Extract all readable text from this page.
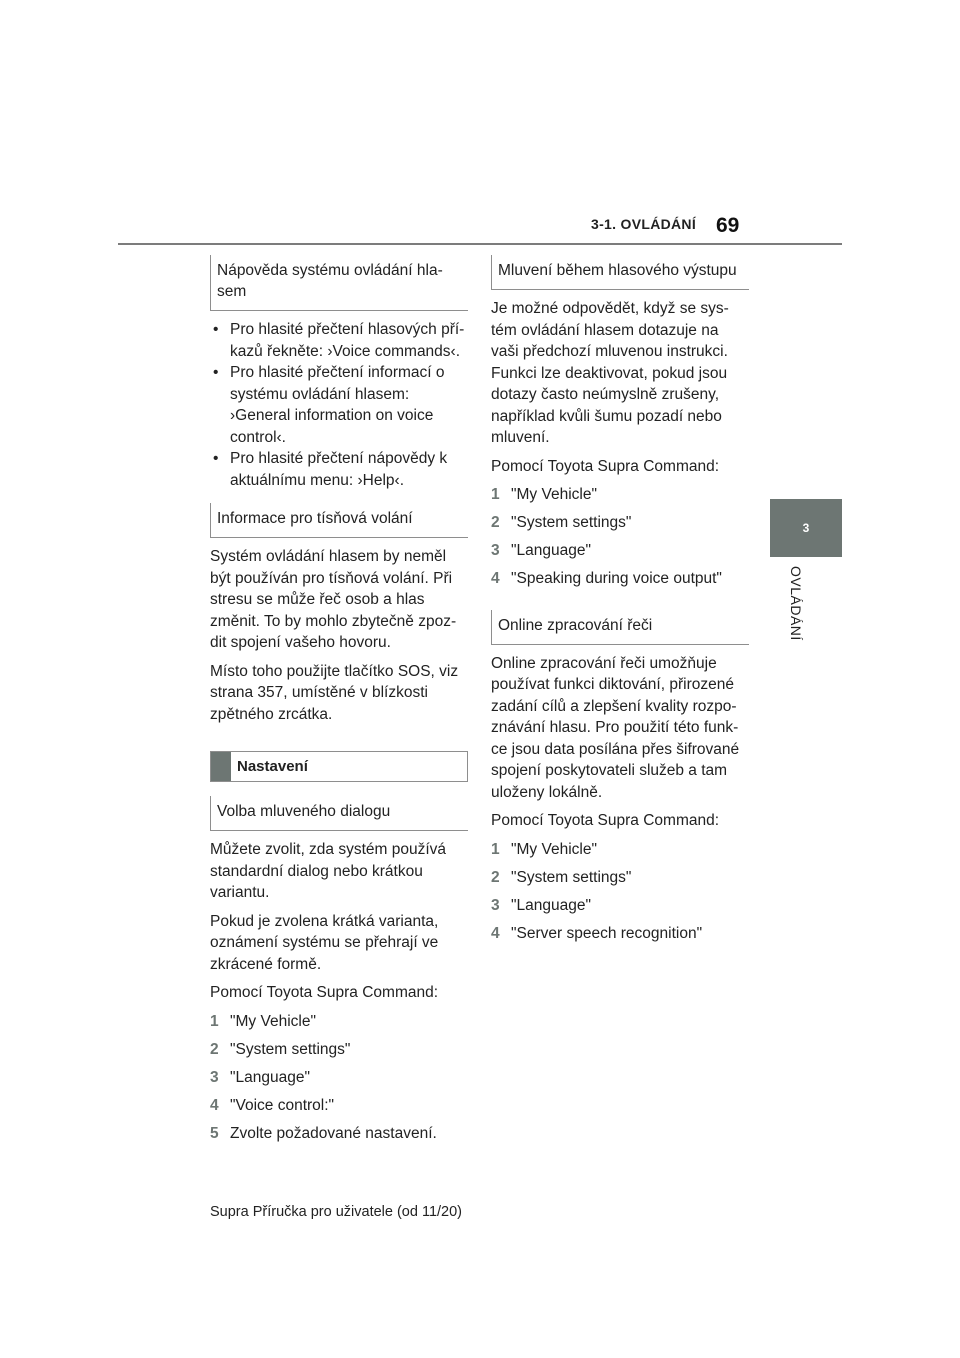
3-1. OVLÁDÁNÍ 69
3
OVLÁDÁNÍ
Nápověda systému ovládání hla-sem
• Pro hlasité přečtení hlasových pří-kazů řekněte: ›Voice commands‹.
• Pro hlasité přečtení informací o systému ovládání hlasem: ›General information on voice control‹.
• Pro hlasité přečtení nápovědy k aktuálnímu menu: ›Help‹.
Informace pro tísňová volání

Systém ovládání hlasem by neměl být používán pro tísňová volání. Při stresu se může řeč osob a hlas změnit. To by mohlo zbytečně zpoz-dit spojení vašeho hovoru.

Místo toho použijte tlačítko SOS, viz strana 357, umístěné v blízkosti zpětného zrcátka.

Nastavení
Volba mluveného dialogu

Můžete zvolit, zda systém používá standardní dialog nebo krátkou variantu.

Pokud je zvolena krátká varianta, oznámení systému se přehrají ve zkrácené formě.

Pomocí Toyota Supra Command:

1 "My Vehicle"
2 "System settings"
3 "Language"
4 "Voice control:"
5 Zvolte požadované nastavení.
Mluvení během hlasového výstupu

Je možné odpovědět, když se sys-tém ovládání hlasem dotazuje na vaši předchozí mluvenou instrukci. Funkci lze deaktivovat, pokud jsou dotazy často neúmyslně zrušeny, například kvůli šumu pozadí nebo mluvení.

Pomocí Toyota Supra Command:

1 "My Vehicle"
2 "System settings"
3 "Language"
4 "Speaking during voice output"
Online zpracování řeči

Online zpracování řeči umožňuje používat funkci diktování, přirozené zadání cílů a zlepšení kvality rozpo-znávání hlasu. Pro použití této funk-ce jsou data posílána přes šifrované spojení poskytovateli služeb a tam uloženy lokálně.

Pomocí Toyota Supra Command:

1 "My Vehicle"
2 "System settings"
3 "Language"
4 "Server speech recognition"
Supra Příručka pro uživatele (od 11/20)
